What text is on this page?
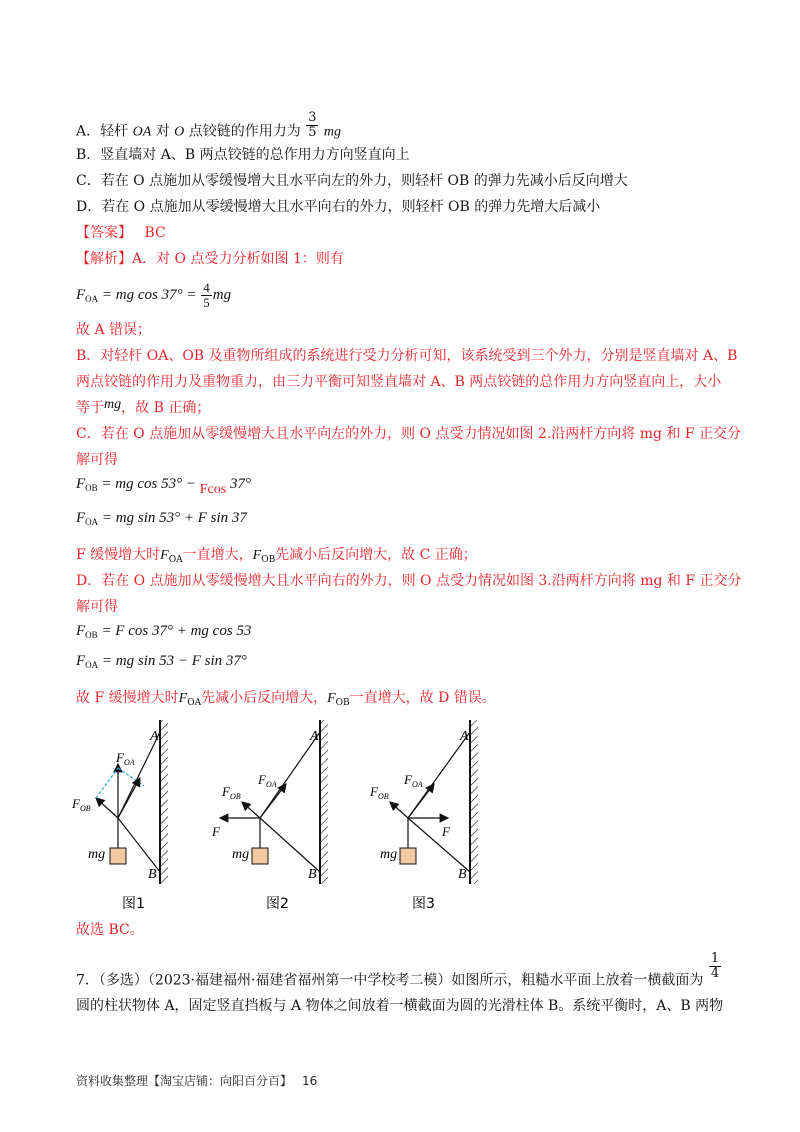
A．轻杆 OA 对 O 点铰链的作用力为 $\frac{3}{5}$ mg
B．竖直墙对 A、B 两点铰链的总作用力方向竖直向上
C．若在 O 点施加从零缓慢增大且水平向左的外力，则轻杆 OB 的弹力先减小后反向增大
D．若在 O 点施加从零缓慢增大且水平向右的外力，则轻杆 OB 的弹力先增大后减小
【答案】 BC
【解析】A．对 O 点受力分析如图 1：则有
$F_{OA}$ = mg $\cos 37^\circ = \frac{4}{5}$ mg
故 A 错误；
B．对轻杆 OA、OB 及重物所组成的系统进行受力分析可知，该系统受到三个外力，分别是竖直墙对 A、B
两点铰链的作用力及重物重力，由三力平衡可知竖直墙对 A、B 两点铰链的总作用力方向竖直向上，大小
等于mg，故 B 正确；
C．若在 O 点施加从零缓慢增大且水平向左的外力，则 O 点受力情况如图 2.沿两杆方向将 mg 和 F 正交分
解可得
$F_{OB}$ = mg cos 53° − Fcos 37°
$F_{OA}$ = mg sin 53° + F sin 37
F 缓慢增大时$F_{OA}$一直增大，$F_{OB}$先减小后反向增大，故 C 正确；
D．若在 O 点施加从零缓慢增大且水平向右的外力，则 O 点受力情况如图 3.沿两杆方向将 mg 和 F 正交分
解可得
$F_{OB} = F$ cos 37° + mg cos 53
$F_{OA}$ = mg sin 53 − F sin 37°
故 F 缓慢增大时$F_{OA}$先减小后反向增大，$F_{OB}$一直增大，故 D 错误。
A
B
mg
$F_{OA}$
$F_{OB}$
A
B
mg
F
$F_{OA}$
$F_{OB}$
A
B
mg
F
$F_{OA}$
$F_{OB}$
图1	图2	图3
故选 BC。
7．（多选）（2023·福建福州·福建省福州第一中学校考二模）如图所示，粗糙水平面上放着一横截面为 $\frac{1}{4}$
圆的柱状物体 A，固定竖直挡板与 A 物体之间放着一横截面为圆的光滑柱体 B。系统平衡时，A、B 两物
资料收集整理【淘宝店铺：向阳百分百】 16
